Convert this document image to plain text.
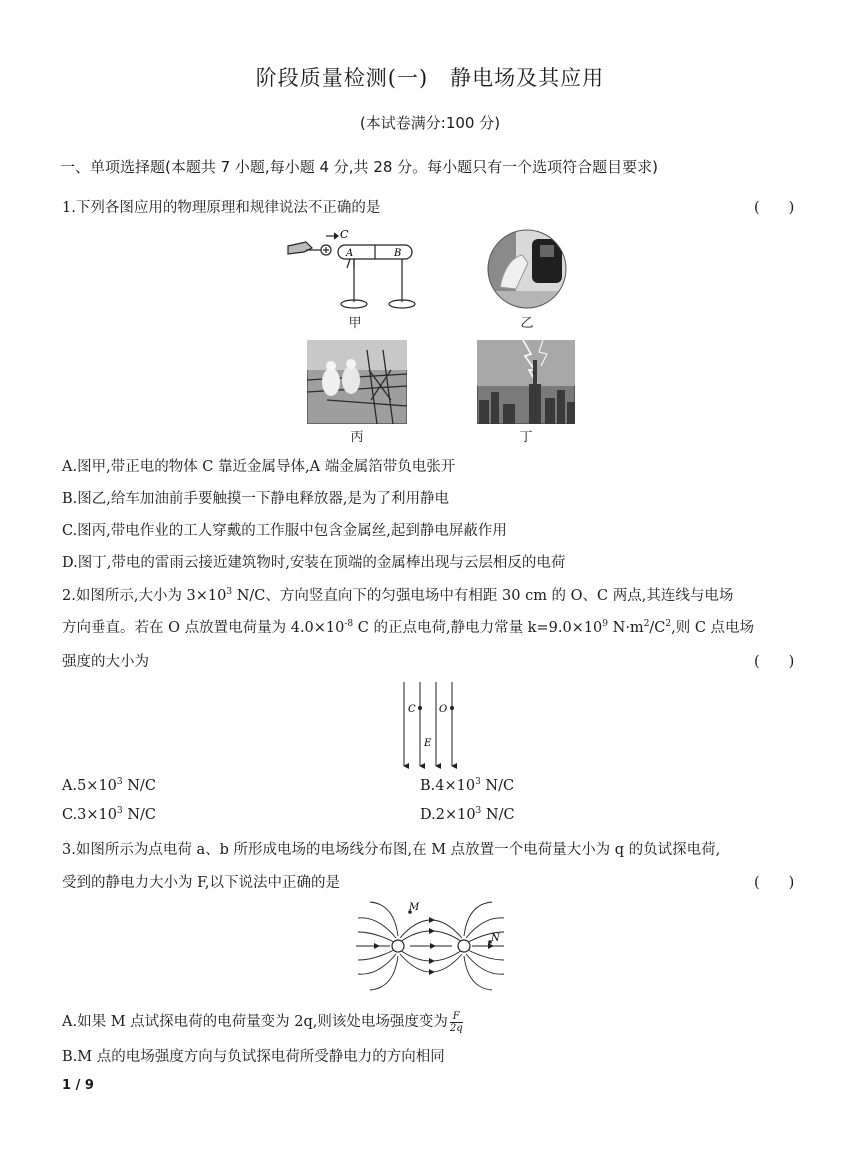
阶段质量检测(一)　静电场及其应用
(本试卷满分:100 分)
一、单项选择题(本题共 7 小题,每小题 4 分,共 28 分。每小题只有一个选项符合题目要求)
1.下列各图应用的物理原理和规律说法不正确的是	(　　)
C
A	B
甲	乙
丙	丁
A.图甲,带正电的物体 C 靠近金属导体,A 端金属箔带负电张开
B.图乙,给车加油前手要触摸一下静电释放器,是为了利用静电
C.图丙,带电作业的工人穿戴的工作服中包含金属丝,起到静电屏蔽作用
D.图丁,带电的雷雨云接近建筑物时,安装在顶端的金属棒出现与云层相反的电荷
2.如图所示,大小为 $3\times 10^3$ N/C、方向竖直向下的匀强电场中有相距 30 cm 的 O、C 两点,其连线与电场
方向垂直。若在 O 点放置电荷量为 $4.0\times 10^{-8}$ C 的正点电荷,静电力常量 $k=9.0\times 10^9$ $N\cdot m^2/C^2$,则 C 点电场
强度的大小为	(　　)
C O
E
$A.5\times 10^3$ N/C	$B.4\times 10^3$ N/C
$C.3\times 10^3$ N/C	$D.2\times 10^3$ N/C
3.如图所示为点电荷 a、b 所形成电场的电场线分布图,在 M 点放置一个电荷量大小为 q 的负试探电荷,
受到的静电力大小为 F,以下说法中正确的是	(　　)
M
N
A.如果 M 点试探电荷的电荷量变为 2q,则该处电场强度变为 $\frac{F}{2q}$
B.M 点的电场强度方向与负试探电荷所受静电力的方向相同
1 / 9
